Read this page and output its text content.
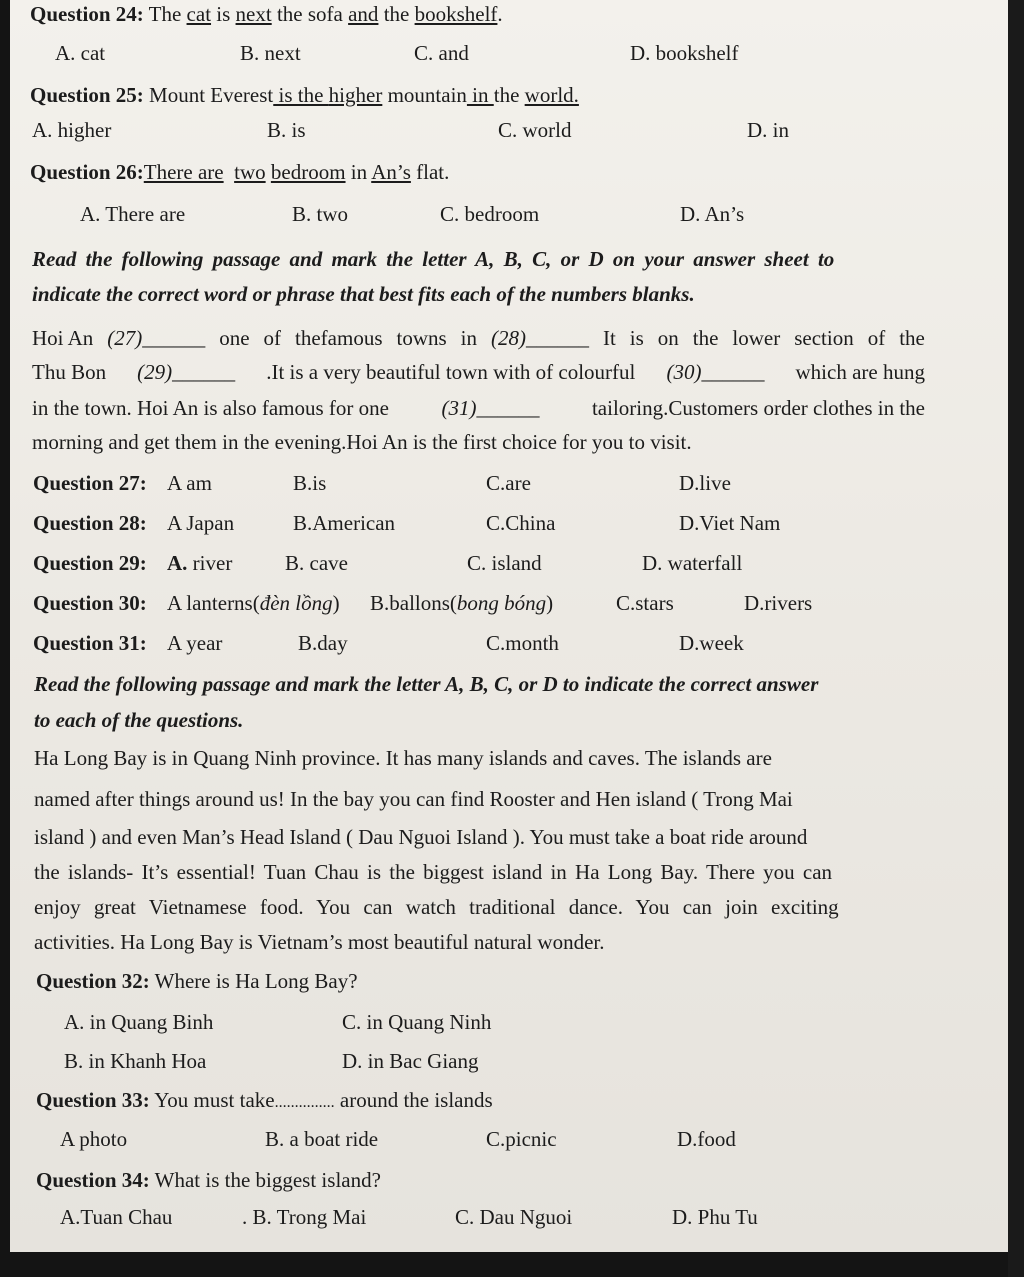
Question 24: The cat is next the sofa and the bookshelf.
A. cat	B. next	C. and	D. bookshelf
Question 25: Mount Everest is the higher mountain in the world.
A. higher	B. is	C. world	D. in
Question 26:There are two bedroom in An’s flat.
A. There are	B. two	C. bedroom	D. An’s
Read the following passage and mark the letter A, B, C, or D on your answer sheet to
indicate the correct word or phrase that best fits each of the numbers blanks.
Hoi An (27)______ one of thefamous towns in (28)______ It is on the lower section of the
Thu Bon (29)______ .It is a very beautiful town with of colourful (30)______ which are hung
in the town. Hoi An is also famous for one	(31)______	tailoring.Customers order clothes in the
morning and get them in the evening.Hoi An is the first choice for you to visit.
Question 27: A am	B.is	C.are	D.live
Question 28: A Japan	B.American	C.China	D.Viet Nam
Question 29: A. river	B. cave	C. island	D. waterfall
Question 30: A lanterns(đèn lồng) B.ballons(bong bóng)	C.stars	D.rivers
Question 31: A year	B.day	C.month	D.week
Read the following passage and mark the letter A, B, C, or D to indicate the correct answer
to each of the questions.
Ha Long Bay is in Quang Ninh province. It has many islands and caves. The islands are
named after things around us! In the bay you can find Rooster and Hen island ( Trong Mai
island ) and even Man’s Head Island ( Dau Nguoi Island ). You must take a boat ride around
the islands- It’s essential! Tuan Chau is the biggest island in Ha Long Bay. There you can
enjoy great Vietnamese food. You can watch traditional dance. You can join exciting
activities. Ha Long Bay is Vietnam’s most beautiful natural wonder.
Question 32: Where is Ha Long Bay?
A. in Quang Binh	C. in Quang Ninh
B. in Khanh Hoa	D. in Bac Giang
Question 33: You must take............... around the islands
A photo	B. a boat ride	C.picnic	D.food
Question 34: What is the biggest island?
A.Tuan Chau	. B. Trong Mai	C. Dau Nguoi	D. Phu Tu
